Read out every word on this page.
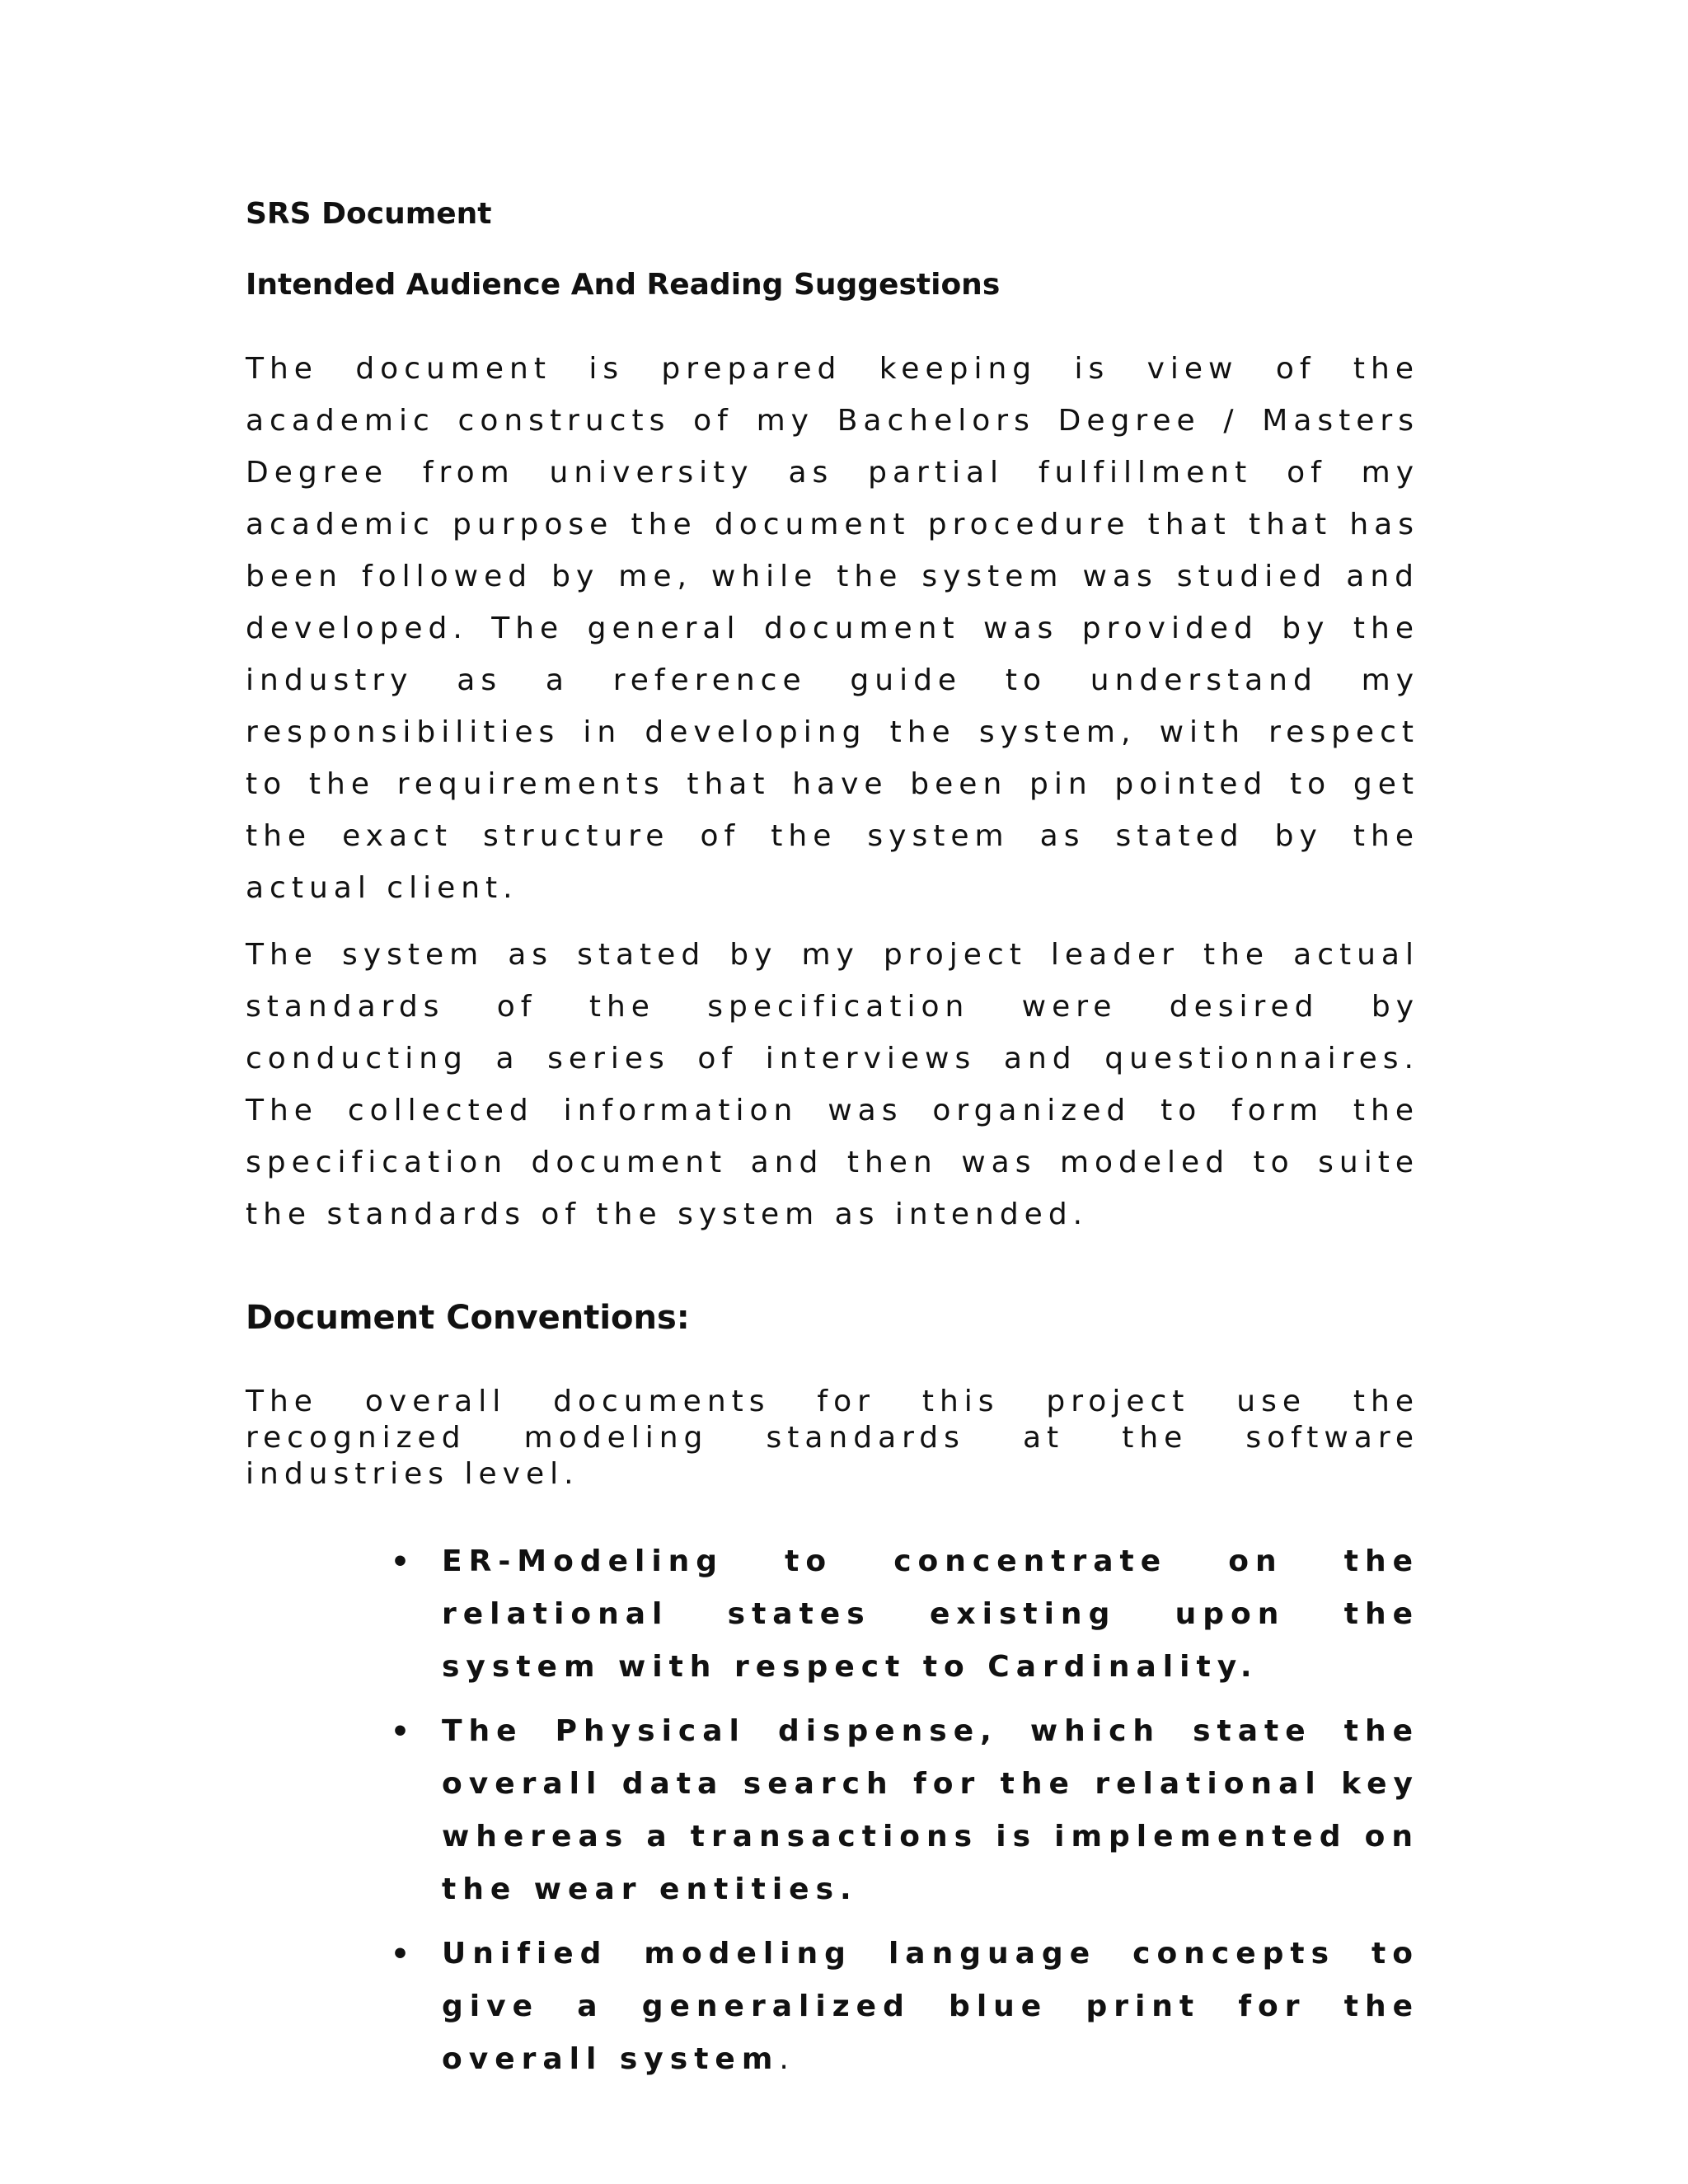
SRS Document
Intended Audience And Reading Suggestions

The document is prepared keeping is view of the academic constructs of my Bachelors Degree / Masters Degree from university as partial fulfillment of my academic purpose the document procedure that that has been followed by me, while the system was studied and developed. The general document was provided by the industry as a reference guide to understand my responsibilities in developing the system, with respect to the requirements that have been pin pointed to get the exact structure of the system as stated by the actual client.

The system as stated by my project leader the actual standards of the specification were desired by conducting a series of interviews and questionnaires. The collected information was organized to form the specification document and then was modeled to suite the standards of the system as intended.

Document Conventions:

The overall documents for this project use the recognized modeling standards at the software industries level.

• ER-Modeling to concentrate on the relational states existing upon the system with respect to Cardinality.
• The Physical dispense, which state the overall data search for the relational key whereas a transactions is implemented on the wear entities.
• Unified modeling language concepts to give a generalized blue print for the overall system.
